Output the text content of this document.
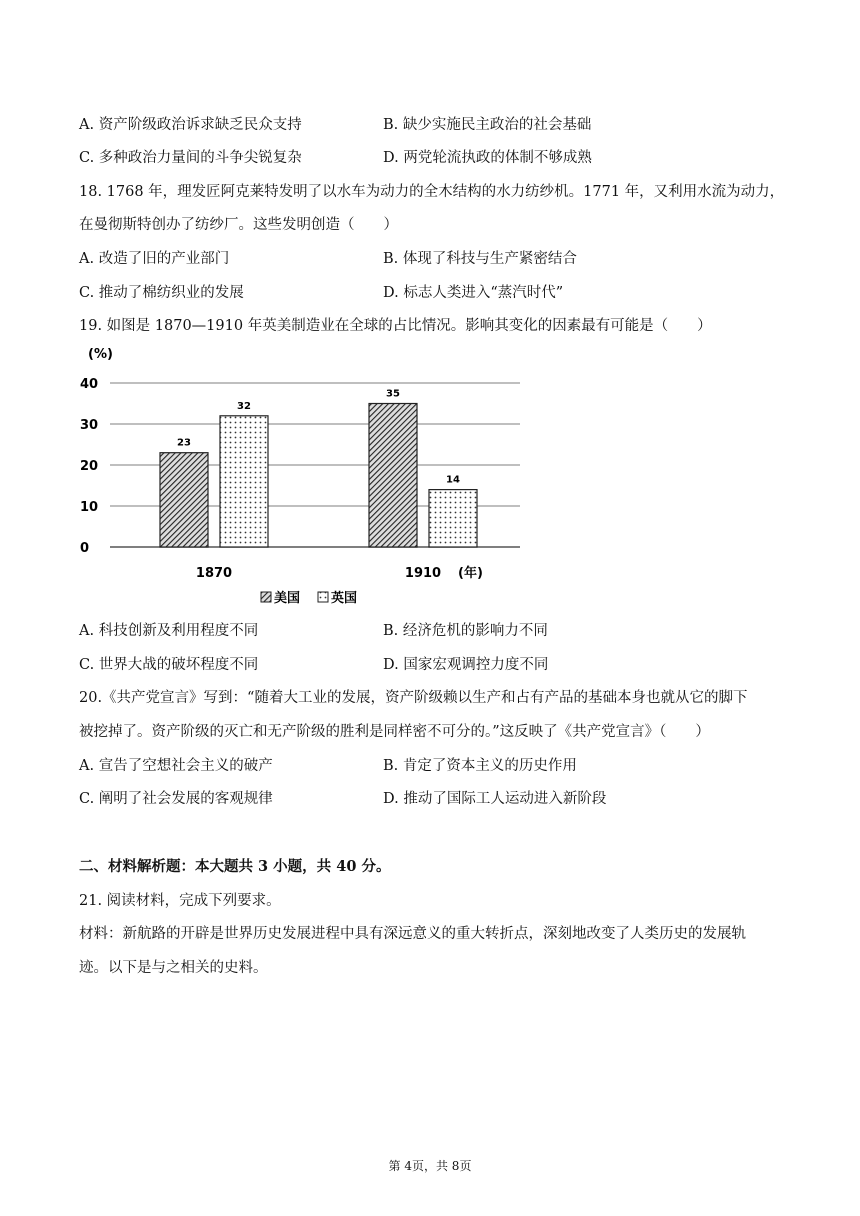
A. 资产阶级政治诉求缺乏民众支持	B. 缺少实施民主政治的社会基础
C. 多种政治力量间的斗争尖锐复杂	D. 两党轮流执政的体制不够成熟
18. 1768 年，理发匠阿克莱特发明了以水车为动力的全木结构的水力纺纱机。1771 年，又利用水流为动力，
在曼彻斯特创办了纺纱厂。这些发明创造（　　）
A. 改造了旧的产业部门	B. 体现了科技与生产紧密结合
C. 推动了棉纺织业的发展	D. 标志人类进入“蒸汽时代”
19. 如图是 1870—1910 年英美制造业在全球的占比情况。影响其变化的因素最有可能是（　　）
(%)
0
10
20
30
40
23
32
35
14
1870	1910 (年)
美国 英国
A. 科技创新及利用程度不同	B. 经济危机的影响力不同
C. 世界大战的破坏程度不同	D. 国家宏观调控力度不同
20.《共产党宣言》写到：“随着大工业的发展，资产阶级赖以生产和占有产品的基础本身也就从它的脚下
被挖掉了。资产阶级的灭亡和无产阶级的胜利是同样密不可分的。”这反映了《共产党宣言》（　　）
A. 宣告了空想社会主义的破产	B. 肯定了资本主义的历史作用
C. 阐明了社会发展的客观规律	D. 推动了国际工人运动进入新阶段
二、材料解析题：本大题共 3 小题，共 40 分。
21. 阅读材料，完成下列要求。
材料：新航路的开辟是世界历史发展进程中具有深远意义的重大转折点，深刻地改变了人类历史的发展轨
迹。以下是与之相关的史料。
第 4页，共 8页
